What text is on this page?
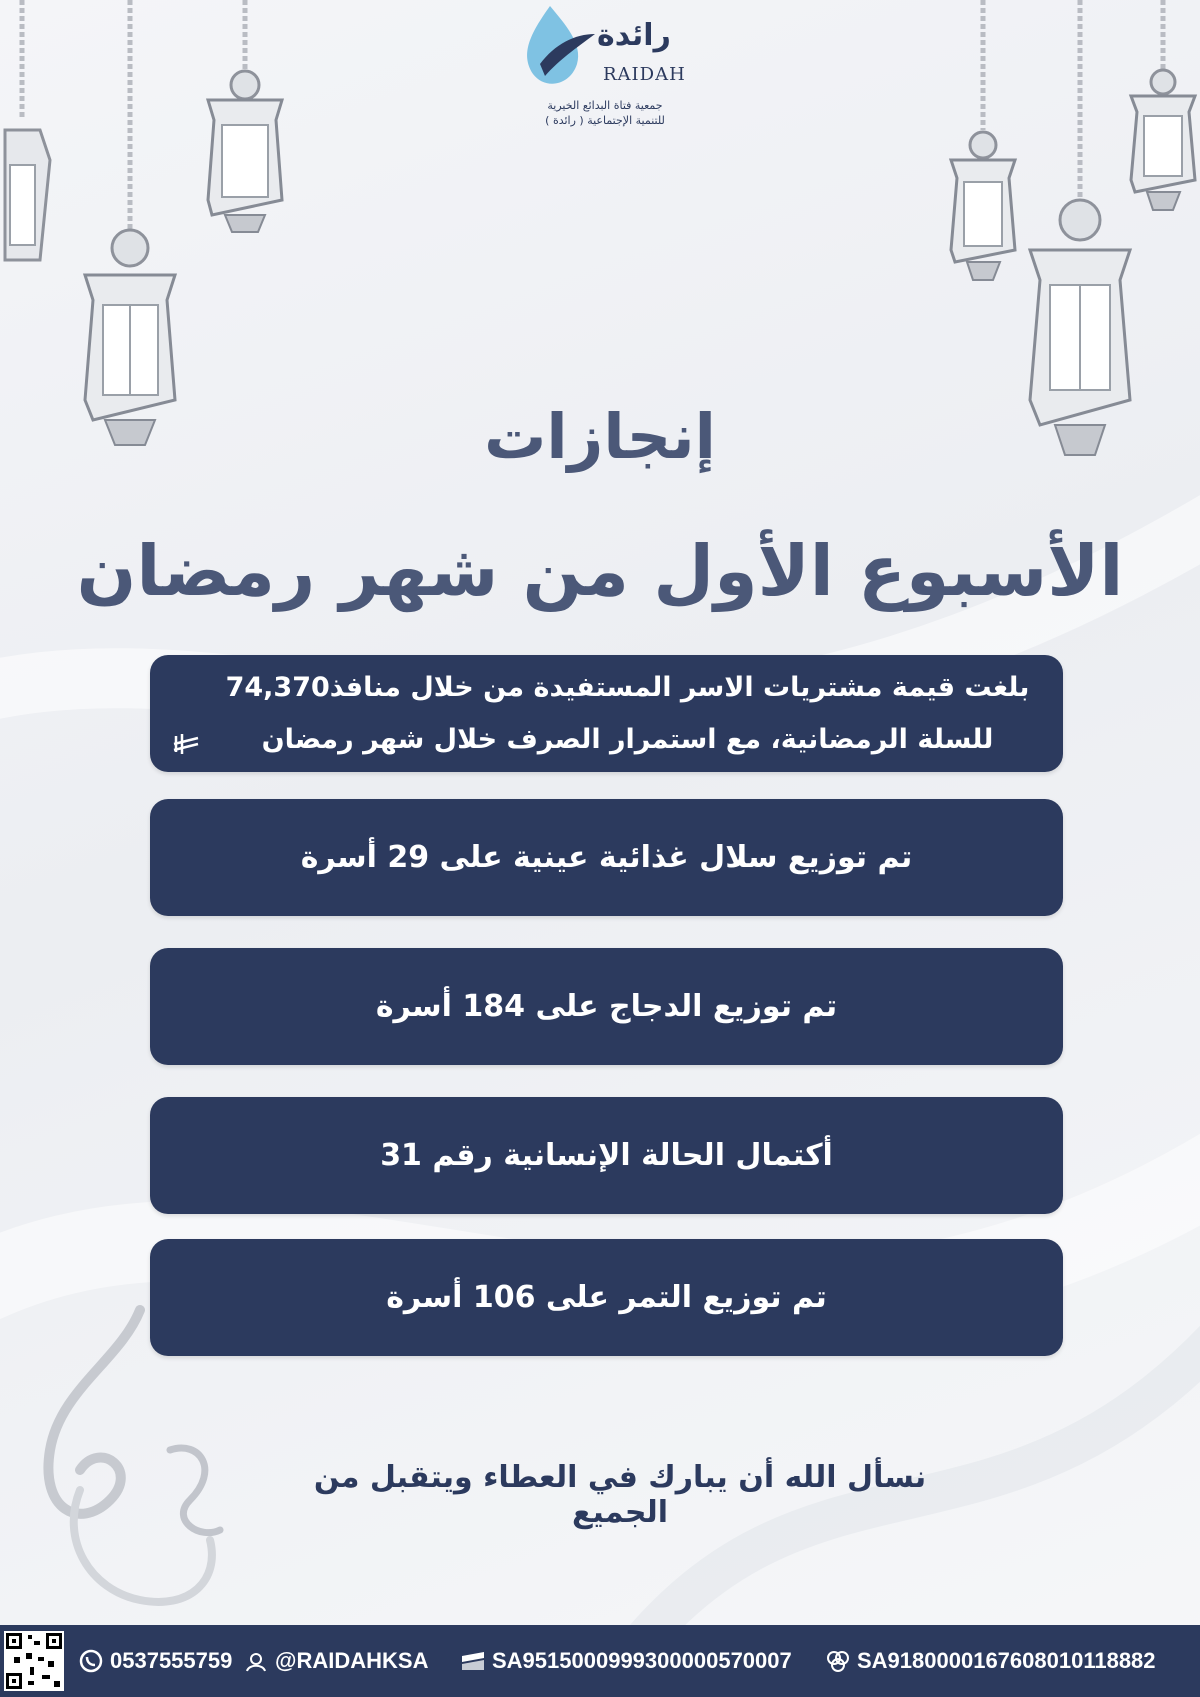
رائدة
RAIDAH
جمعية فتاة البدائع الخيرية
للتنمية الإجتماعية ( رائدة )
إنجازات
الأسبوع الأول من شهر رمضان
بلغت قيمة مشتريات الاسر المستفيدة من خلال منافذ74,370
للسلة الرمضانية، مع استمرار الصرف خلال شهر رمضان
تم توزيع سلال غذائية عينية على 29 أسرة
تم توزيع الدجاج على 184 أسرة
أكتمال الحالة الإنسانية رقم 31
تم توزيع التمر على 106 أسرة
نسأل الله أن يبارك في العطاء ويتقبل من الجميع
0537555759 @RAIDAHKSA	SA9515000999300000570007	SA9180000167608010118882
